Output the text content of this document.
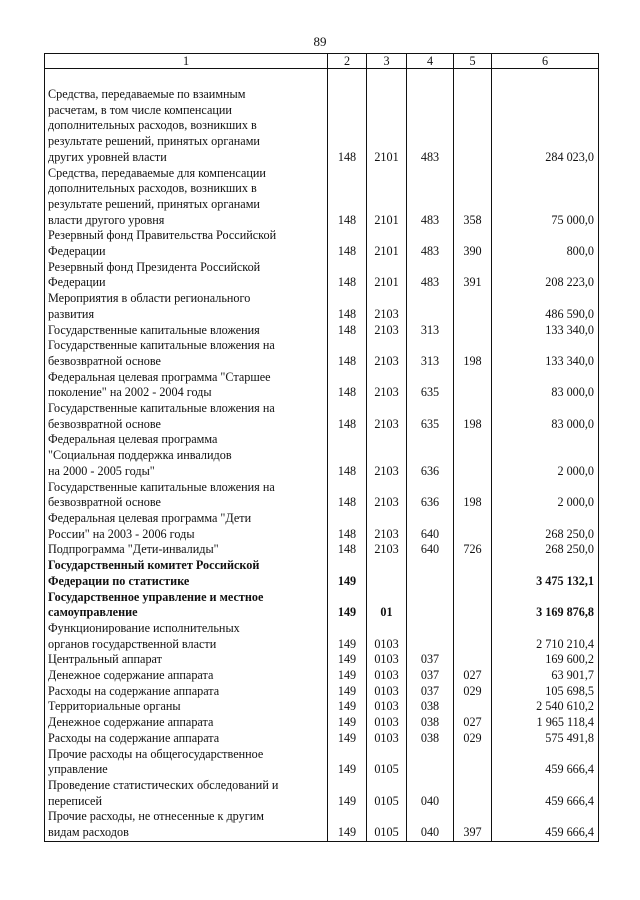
89
1	2	3	4	5	6

Средства, передаваемые по взаимным
расчетам, в том числе компенсации
дополнительных расходов, возникших в
результате решений, принятых органами
других уровней власти	148	2101	483		284 023,0
Средства, передаваемые для компенсации
дополнительных расходов, возникших в
результате решений, принятых органами
власти другого уровня	148	2101	483	358	75 000,0
Резервный фонд Правительства Российской
Федерации	148	2101	483	390	800,0
Резервный фонд Президента Российской
Федерации	148	2101	483	391	208 223,0
Мероприятия в области регионального
развития	148	2103			486 590,0
Государственные капитальные вложения	148	2103	313		133 340,0
Государственные капитальные вложения на
безвозвратной основе	148	2103	313	198	133 340,0
Федеральная целевая программа "Старшее
поколение" на 2002 - 2004 годы	148	2103	635		83 000,0
Государственные капитальные вложения на
безвозвратной основе	148	2103	635	198	83 000,0
Федеральная целевая программа
"Социальная поддержка инвалидов
на 2000 - 2005 годы"	148	2103	636		2 000,0
Государственные капитальные вложения на
безвозвратной основе	148	2103	636	198	2 000,0
Федеральная целевая программа "Дети
России" на 2003 - 2006 годы	148	2103	640		268 250,0
Подпрограмма "Дети-инвалиды"	148	2103	640	726	268 250,0
Государственный комитет Российской
Федерации по статистике	149				3 475 132,1
Государственное управление и местное
самоуправление	149	01			3 169 876,8
Функционирование исполнительных
органов государственной власти	149	0103			2 710 210,4
Центральный аппарат	149	0103	037		169 600,2
Денежное содержание аппарата	149	0103	037	027	63 901,7
Расходы на содержание аппарата	149	0103	037	029	105 698,5
Территориальные органы	149	0103	038		2 540 610,2
Денежное содержание аппарата	149	0103	038	027	1 965 118,4
Расходы на содержание аппарата	149	0103	038	029	575 491,8
Прочие расходы на общегосударственное
управление	149	0105			459 666,4
Проведение статистических обследований и
переписей	149	0105	040		459 666,4
Прочие расходы, не отнесенные к другим
видам расходов	149	0105	040	397	459 666,4
